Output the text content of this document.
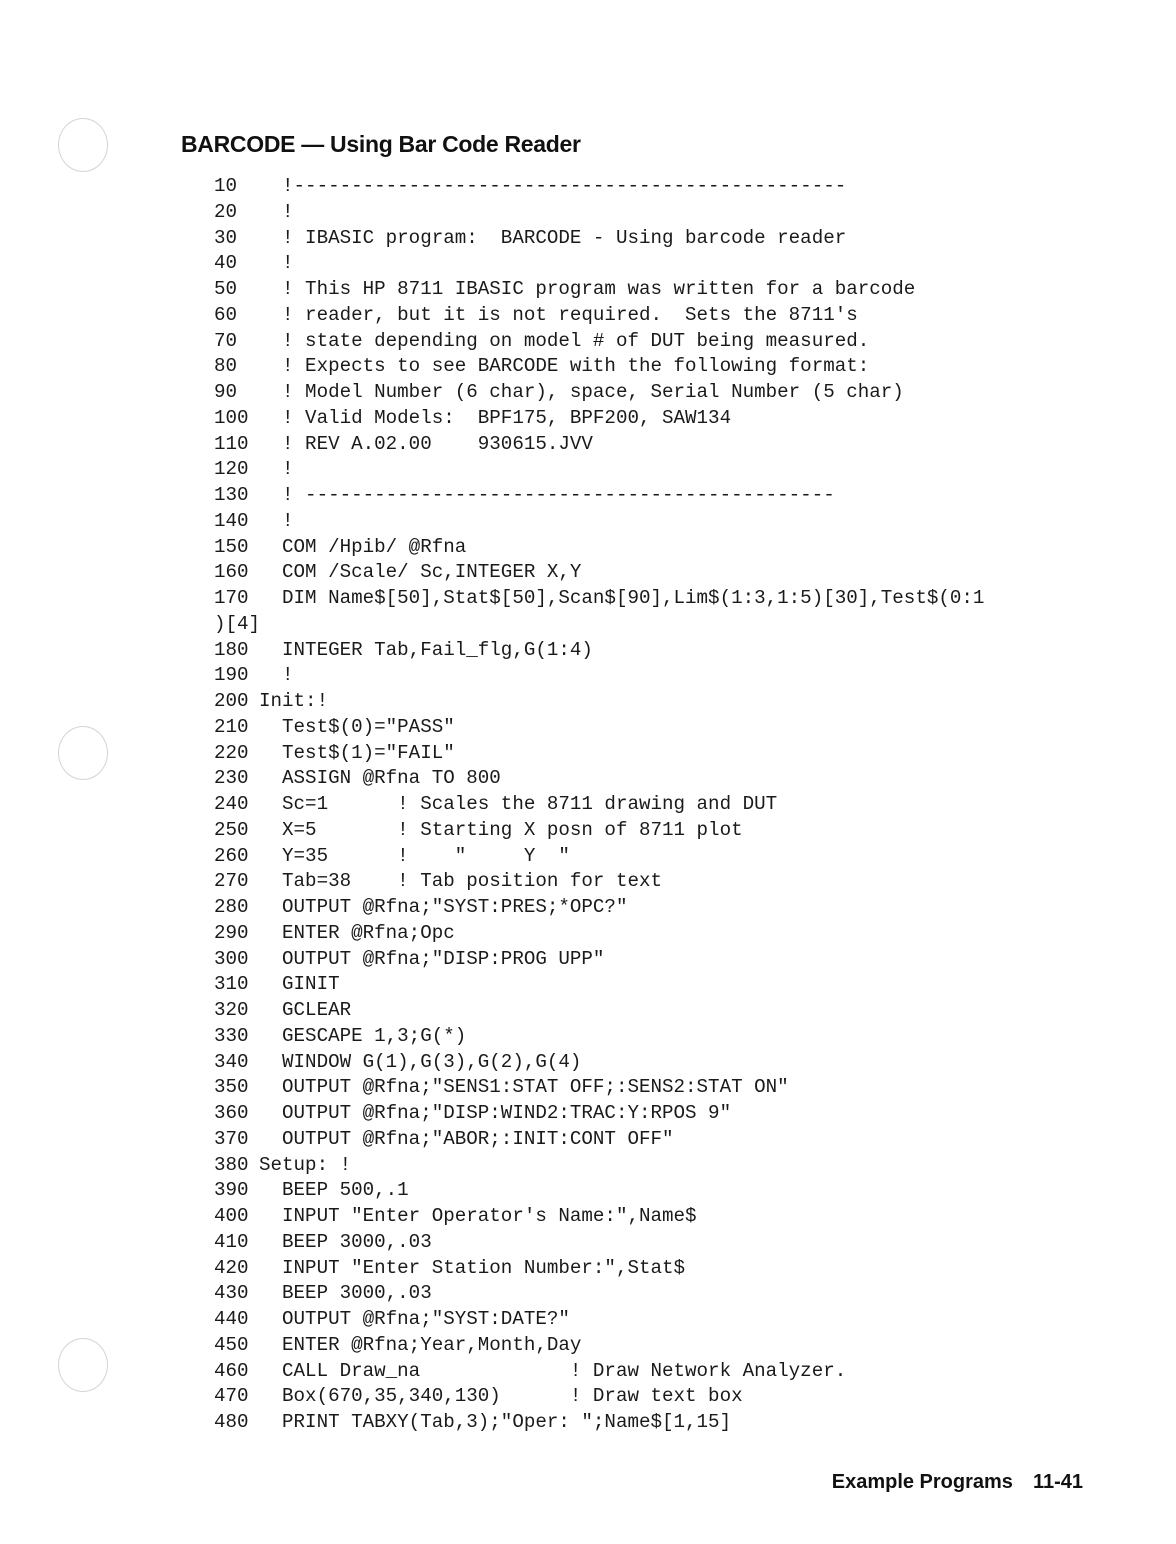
BARCODE — Using Bar Code Reader
10  !------------------------------------------------
20  !
30  ! IBASIC program:  BARCODE - Using barcode reader
40  !
50  ! This HP 8711 IBASIC program was written for a barcode
60  ! reader, but it is not required.  Sets the 8711's
70  ! state depending on model # of DUT being measured.
80  ! Expects to see BARCODE with the following format:
90  ! Model Number (6 char), space, Serial Number (5 char)
100  ! Valid Models:  BPF175, BPF200, SAW134
110  ! REV A.02.00    930615.JVV
120  !
130  ! ----------------------------------------------
140  !
150  COM /Hpib/ @Rfna
160  COM /Scale/ Sc,INTEGER X,Y
170  DIM Name$[50],Stat$[50],Scan$[90],Lim$(1:3,1:5)[30],Test$(0:1
)[4]
180  INTEGER Tab,Fail_flg,G(1:4)
190  !
200 Init:!
210  Test$(0)="PASS"
220  Test$(1)="FAIL"
230  ASSIGN @Rfna TO 800
240  Sc=1      ! Scales the 8711 drawing and DUT
250  X=5       ! Starting X posn of 8711 plot
260  Y=35      !    "     Y  "
270  Tab=38    ! Tab position for text
280  OUTPUT @Rfna;"SYST:PRES;*OPC?"
290  ENTER @Rfna;Opc
300  OUTPUT @Rfna;"DISP:PROG UPP"
310  GINIT
320  GCLEAR
330  GESCAPE 1,3;G(*)
340  WINDOW G(1),G(3),G(2),G(4)
350  OUTPUT @Rfna;"SENS1:STAT OFF;:SENS2:STAT ON"
360  OUTPUT @Rfna;"DISP:WIND2:TRAC:Y:RPOS 9"
370  OUTPUT @Rfna;"ABOR;:INIT:CONT OFF"
380 Setup: !
390  BEEP 500,.1
400  INPUT "Enter Operator's Name:",Name$
410  BEEP 3000,.03
420  INPUT "Enter Station Number:",Stat$
430  BEEP 3000,.03
440  OUTPUT @Rfna;"SYST:DATE?"
450  ENTER @Rfna;Year,Month,Day
460  CALL Draw_na             ! Draw Network Analyzer.
470  Box(670,35,340,130)      ! Draw text box
480  PRINT TABXY(Tab,3);"Oper: ";Name$[1,15]
Example Programs 11-41
